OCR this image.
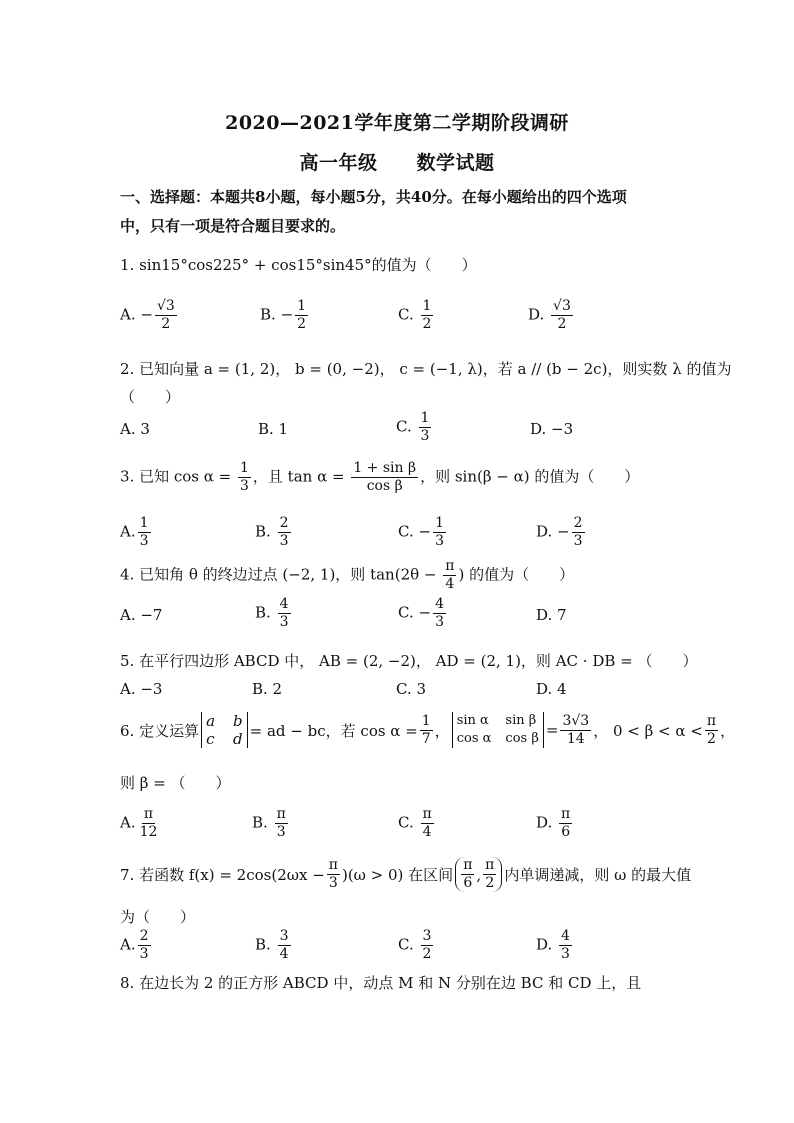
2020—2021学年度第二学期阶段调研
高一年级　　数学试题
一、选择题：本题共8小题，每小题5分，共40分。在每小题给出的四个选项
中，只有一项是符合题目要求的。
1. sin15°cos225° + cos15°sin45°的值为（　　）
A. − $\frac{√3}{2}$	B. − $\frac{1}{2}$	C. $\frac{1}{2}$	D. $\frac{√3}{2}$
2. 已知向量 a = (1, 2)， b = (0, −2)， c = (−1, λ)，若 a // (b − 2c)，则实数 λ 的值为
（　　）
A. 3	B. 1	C. $\frac{1}{3}$	D. −3
3. 已知 $\cos \alpha = \frac{1}{3}$ ，且 $\tan \alpha = \frac{\text{1 + sin β}}{\text{cos β}}$ ，则 sin(β − α) 的值为（　　）
A. $\frac{1}{3}$	B. $\frac{2}{3}$	C. − $\frac{1}{3}$	D. − $\frac{2}{3}$
4. 已知角 θ 的终边过点 (−2, 1)，则 $\tan(2\theta - \frac{\pi}{4}$ ) 的值为（　　）
A. −7	B. $\frac{4}{3}$	C. − $\frac{4}{3}$	D. 7
5. 在平行四边形 ABCD 中， AB = (2, −2)， AD = (2, 1)，则 AC · DB = （　　）
A. −3	B. 2	C. 3	D. 4
6. 定义运算
a b
c d = ad − bc，若 $\cos \alpha = \frac{1}{7}$ ，
sin α sin β
cos α $\cos \beta = \frac{3√3}{14}$ ， $0 < \beta < \alpha < \frac{\pi}{2}$ ，
则 β = （　　）
A. $\frac{\pi}{12}$	B. $\frac{\pi}{3}$	C. $\frac{\pi}{4}$	D. $\frac{\pi}{6}$
7. 若函数 $f(x) = 2\cos(2\omega x - \frac{\pi}{3} )(\omega > 0)$ 在区间 $\frac{\pi}{6}$ , $\frac{\pi}{2}$ 内单调递减，则 ω 的最大值
为（　　）
A. $\frac{2}{3}$	B. $\frac{3}{4}$	C. $\frac{3}{2}$	D. $\frac{4}{3}$
8. 在边长为 2 的正方形 ABCD 中，动点 M 和 N 分别在边 BC 和 CD 上，且
